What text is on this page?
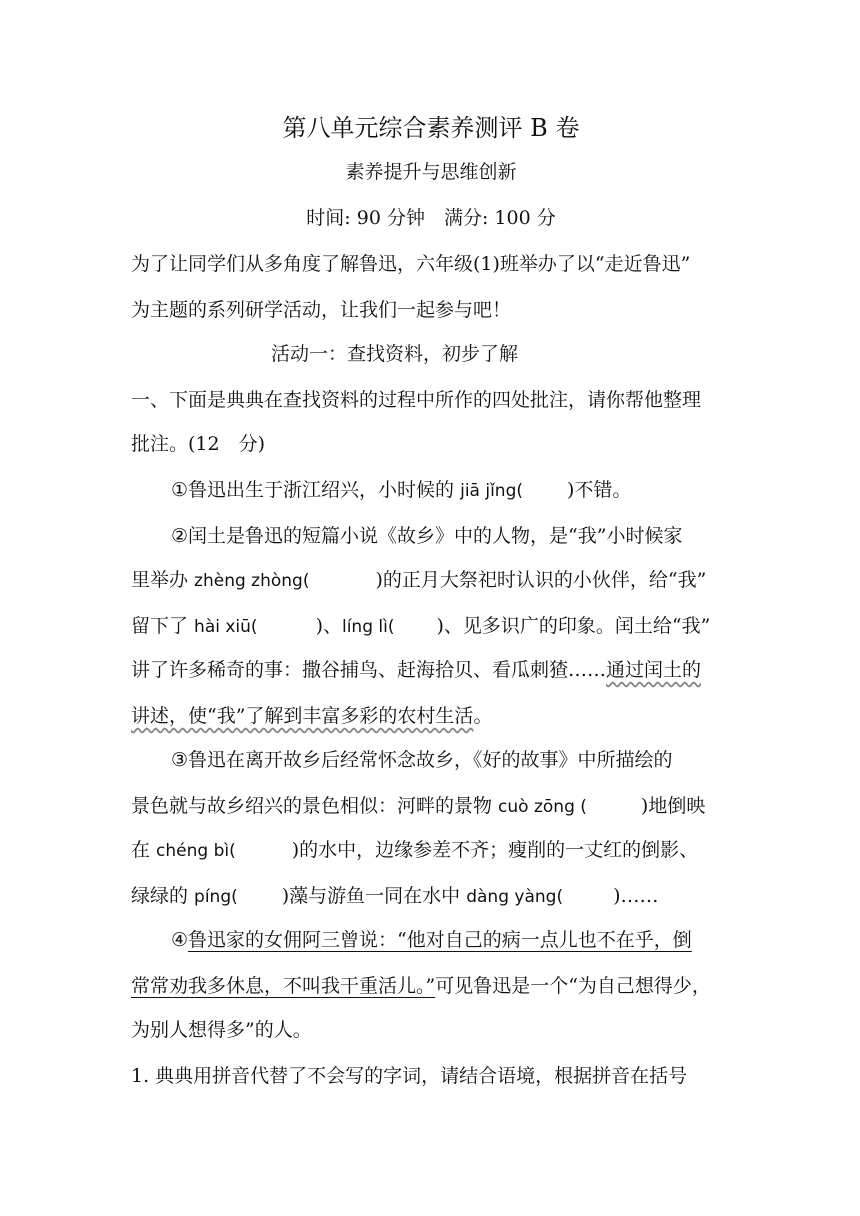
第八单元综合素养测评 B 卷
素养提升与思维创新
时间: 90 分钟　满分: 100 分
为了让同学们从多角度了解鲁迅，六年级(1)班举办了以“走近鲁迅”
为主题的系列研学活动，让我们一起参与吧！
活动一：查找资料，初步了解
一、下面是典典在查找资料的过程中所作的四处批注，请你帮他整理
批注。(12　分)
①鲁迅出生于浙江绍兴，小时候的 jiā jǐng( )不错。
②闰土是鲁迅的短篇小说《故乡》中的人物，是“我”小时候家
里举办 zhèng zhòng(	)的正月大祭祀时认识的小伙伴，给“我”
留下了 hài xiū(	)、líng lì( )、见多识广的印象。闰土给“我”
讲了许多稀奇的事：撒谷捕鸟、赶海拾贝、看瓜刺猹……通过闰土的
讲述，使“我”了解到丰富多彩的农村生活。
③鲁迅在离开故乡后经常怀念故乡，《好的故事》中所描绘的
景色就与故乡绍兴的景色相似：河畔的景物 cuò zōng (	)地倒映
在 chéng bì(	)的水中，边缘参差不齐；瘦削的一丈红的倒影、
绿绿的 píng( )藻与游鱼一同在水中 dàng yàng(	)……
④鲁迅家的女佣阿三曾说：“他对自己的病一点儿也不在乎，倒
常常劝我多休息，不叫我干重活儿。”可见鲁迅是一个“为自己想得少，
为别人想得多”的人。
1. 典典用拼音代替了不会写的字词，请结合语境，根据拼音在括号
